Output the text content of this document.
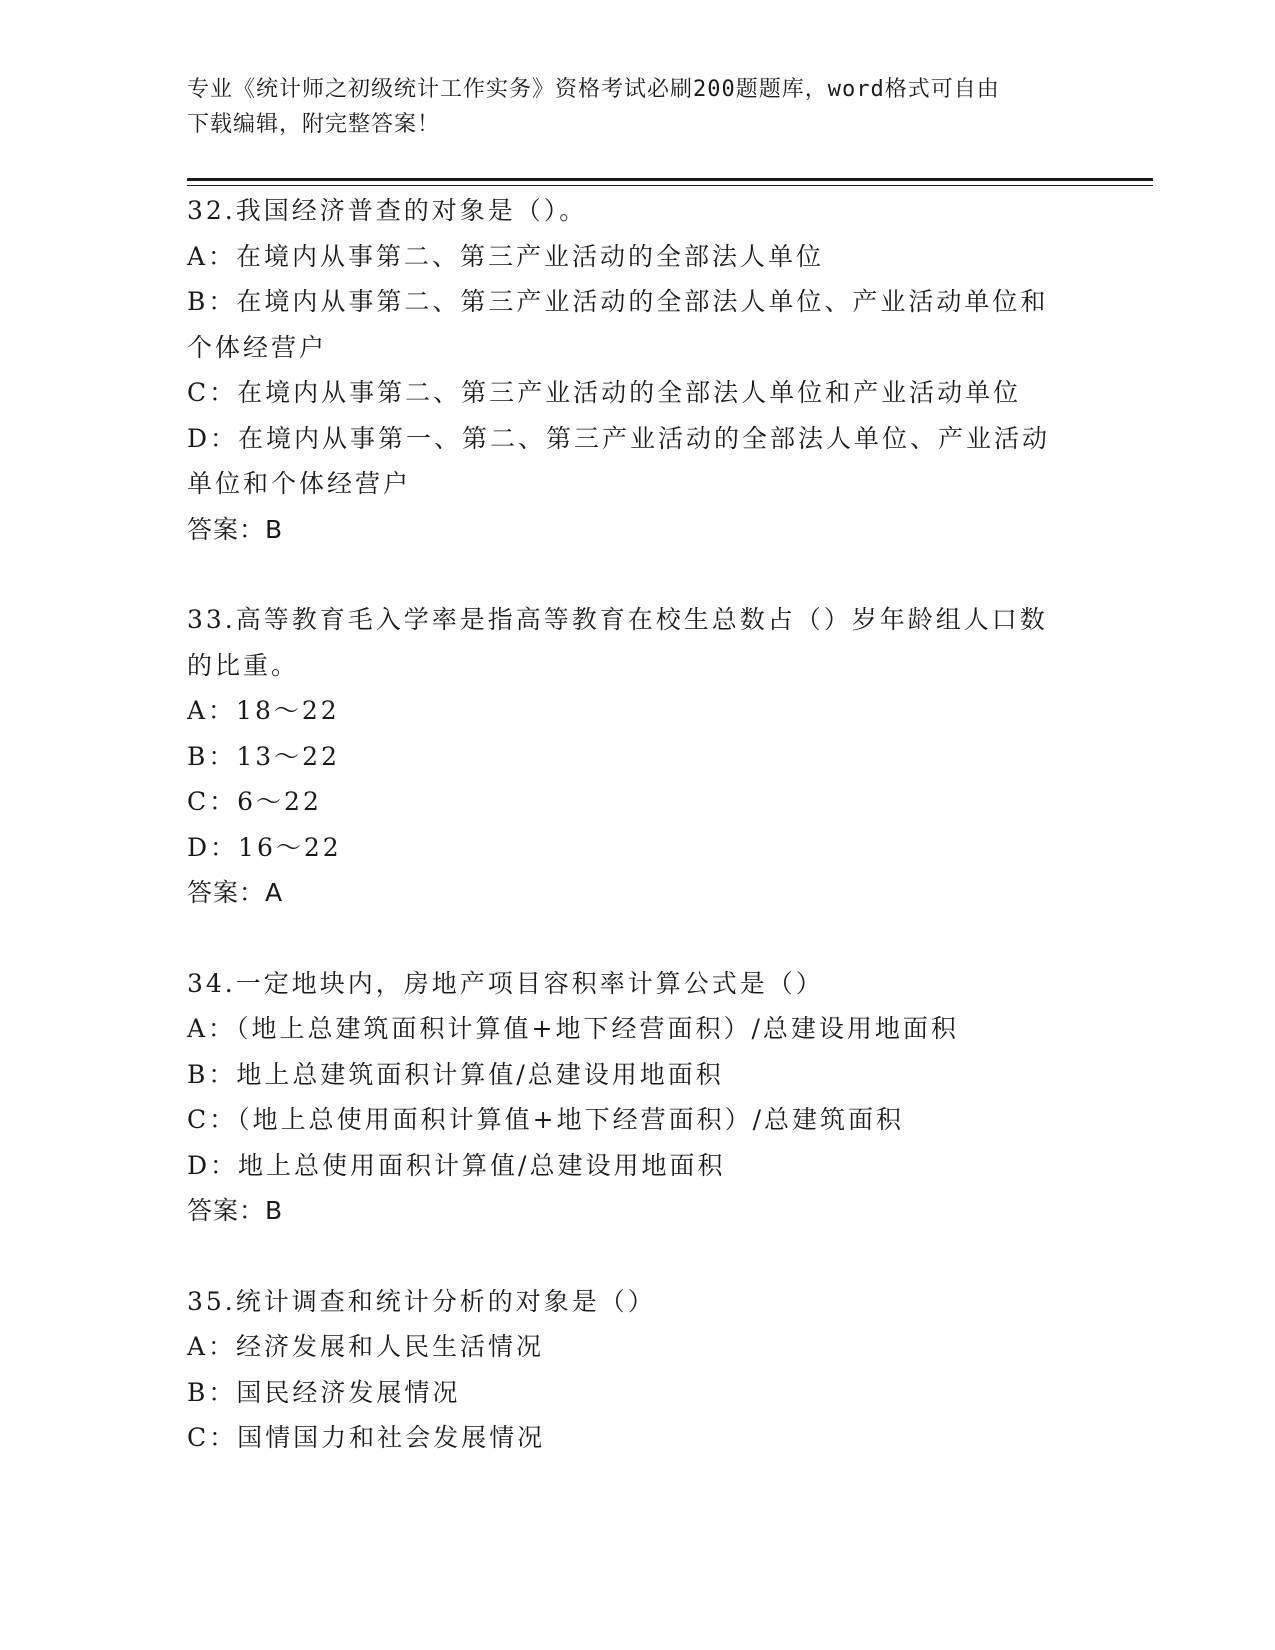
专业《统计师之初级统计工作实务》资格考试必刷200题题库，word格式可自由
下载编辑，附完整答案！
32.我国经济普查的对象是（）。
A：在境内从事第二、第三产业活动的全部法人单位
B：在境内从事第二、第三产业活动的全部法人单位、产业活动单位和
个体经营户
C：在境内从事第二、第三产业活动的全部法人单位和产业活动单位
D：在境内从事第一、第二、第三产业活动的全部法人单位、产业活动
单位和个体经营户
答案：B
33.高等教育毛入学率是指高等教育在校生总数占（）岁年龄组人口数
的比重。
A：18～22
B：13～22
C：6～22
D：16～22
答案：A
34.一定地块内，房地产项目容积率计算公式是（）
A：（地上总建筑面积计算值+地下经营面积）/总建设用地面积
B：地上总建筑面积计算值/总建设用地面积
C：（地上总使用面积计算值+地下经营面积）/总建筑面积
D：地上总使用面积计算值/总建设用地面积
答案：B
35.统计调查和统计分析的对象是（）
A：经济发展和人民生活情况
B：国民经济发展情况
C：国情国力和社会发展情况
